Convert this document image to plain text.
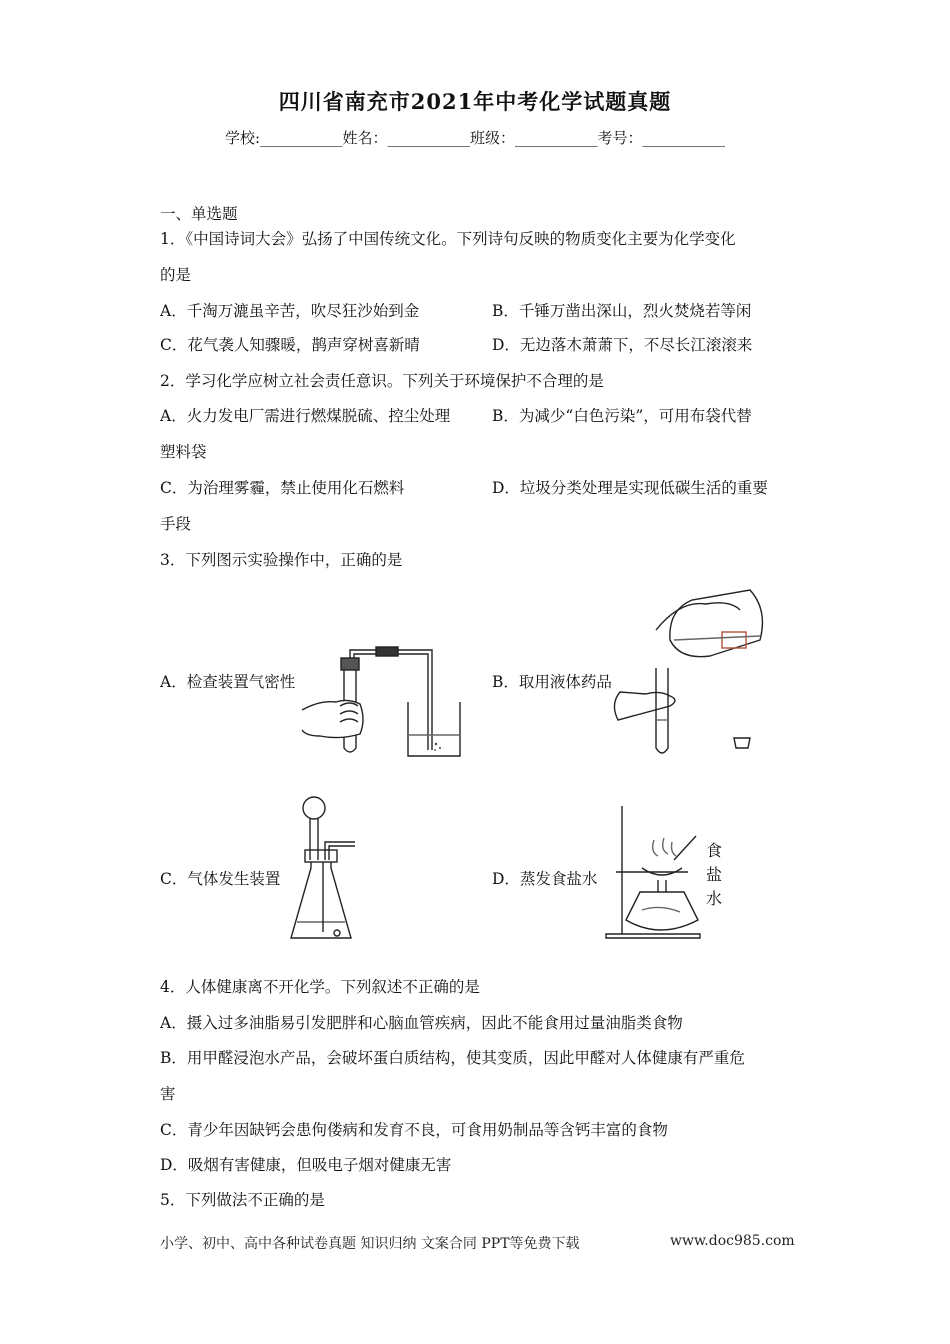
四川省南充市2021年中考化学试题真题
学校:___________姓名：___________班级：___________考号：___________
一、单选题
1．《中国诗词大会》弘扬了中国传统文化。下列诗句反映的物质变化主要为化学变化
的是
A．千淘万漉虽辛苦，吹尽狂沙始到金	B．千锤万凿出深山，烈火焚烧若等闲
C．花气袭人知骤暖，鹊声穿树喜新晴	D．无边落木萧萧下，不尽长江滚滚来
2．学习化学应树立社会责任意识。下列关于环境保护不合理的是
A．火力发电厂需进行燃煤脱硫、控尘处理	B．为减少“白色污染”，可用布袋代替
塑料袋
C．为治理雾霾，禁止使用化石燃料	D．垃圾分类处理是实现低碳生活的重要
手段
3．下列图示实验操作中，正确的是
A．检查装置气密性	B．取用液体药品
C．气体发生装置	D．蒸发食盐水
食
盐
水
4．人体健康离不开化学。下列叙述不正确的是
A．摄入过多油脂易引发肥胖和心脑血管疾病，因此不能食用过量油脂类食物
B．用甲醛浸泡水产品，会破坏蛋白质结构，使其变质，因此甲醛对人体健康有严重危
害
C．青少年因缺钙会患佝偻病和发育不良，可食用奶制品等含钙丰富的食物
D．吸烟有害健康，但吸电子烟对健康无害
5．下列做法不正确的是
小学、初中、高中各种试卷真题 知识归纳 文案合同 PPT等免费下载	www.doc985.com
